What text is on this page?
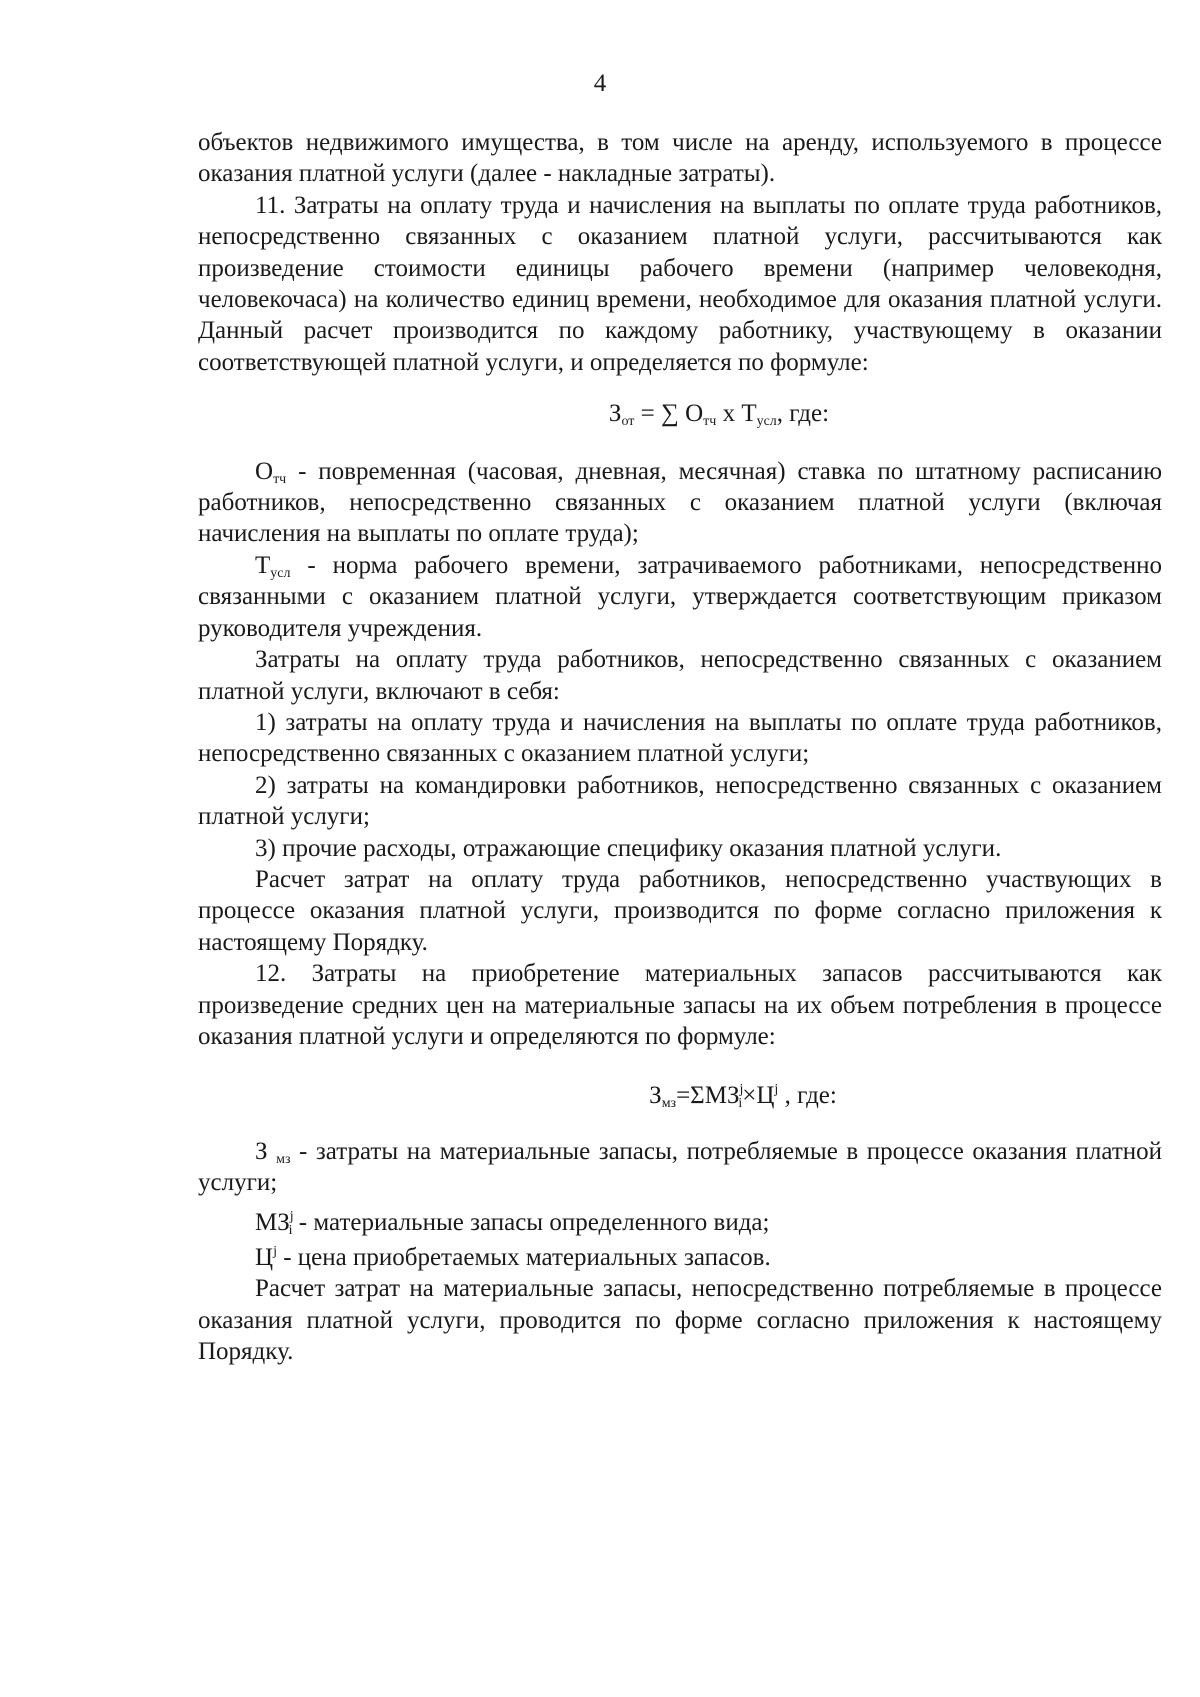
4

объектов недвижимого имущества, в том числе на аренду, используемого в процессе оказания платной услуги (далее - накладные затраты).

11. Затраты на оплату труда и начисления на выплаты по оплате труда работников, непосредственно связанных с оказанием платной услуги, рассчитываются как произведение стоимости единицы рабочего времени (например человекодня, человекочаса) на количество единиц времени, необходимое для оказания платной услуги. Данный расчет производится по каждому работнику, участвующему в оказании соответствующей платной услуги, и определяется по формуле:

$З_{от}$ = ∑ $О_{тч}$ х $Т_{усл}$, где:

$О_{тч}$ - повременная (часовая, дневная, месячная) ставка по штатному расписанию работников, непосредственно связанных с оказанием платной услуги (включая начисления на выплаты по оплате труда);

$Т_{усл}$ - норма рабочего времени, затрачиваемого работниками, непосредственно связанными с оказанием платной услуги, утверждается соответствующим приказом руководителя учреждения.

Затраты на оплату труда работников, непосредственно связанных с оказанием платной услуги, включают в себя:

1) затраты на оплату труда и начисления на выплаты по оплате труда работников, непосредственно связанных с оказанием платной услуги;

2) затраты на командировки работников, непосредственно связанных с оказанием платной услуги;

3) прочие расходы, отражающие специфику оказания платной услуги.

Расчет затрат на оплату труда работников, непосредственно участвующих в процессе оказания платной услуги, производится по форме согласно приложения к настоящему Порядку.

12. Затраты на приобретение материальных запасов рассчитываются как произведение средних цен на материальные запасы на их объем потребления в процессе оказания платной услуги и определяются по формуле:

$З_{мз}=\Sigma МЗ^j_i\times Ц^j$ , где:

З $_{мз}$ - затраты на материальные запасы, потребляемые в процессе оказания платной услуги;

$МЗ^j_i$ - материальные запасы определенного вида;

$Ц^j$ - цена приобретаемых материальных запасов.

Расчет затрат на материальные запасы, непосредственно потребляемые в процессе оказания платной услуги, проводится по форме согласно приложения к настоящему Порядку.
